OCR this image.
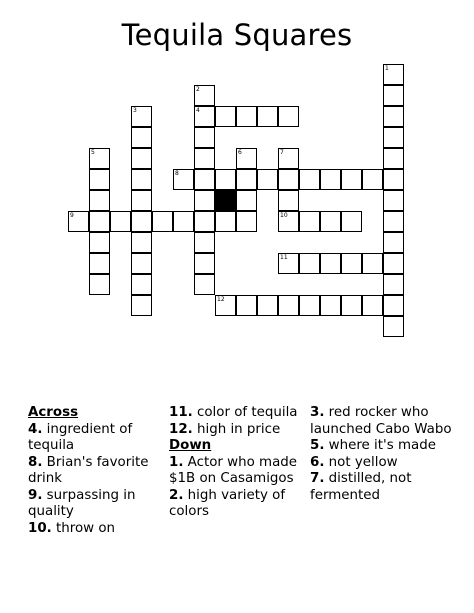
Tequila Squares
1
2
4
3
5	6	7
10
8
9
11
12
Across
4. ingredient of tequila
8. Brian's favorite drink
9. surpassing in quality
10. throw on
11. color of tequila
12. high in price
Down
1. Actor who made $1B on Casamigos
2. high variety of colors
3. red rocker who launched Cabo Wabo
5. where it's made
6. not yellow
7. distilled, not fermented
